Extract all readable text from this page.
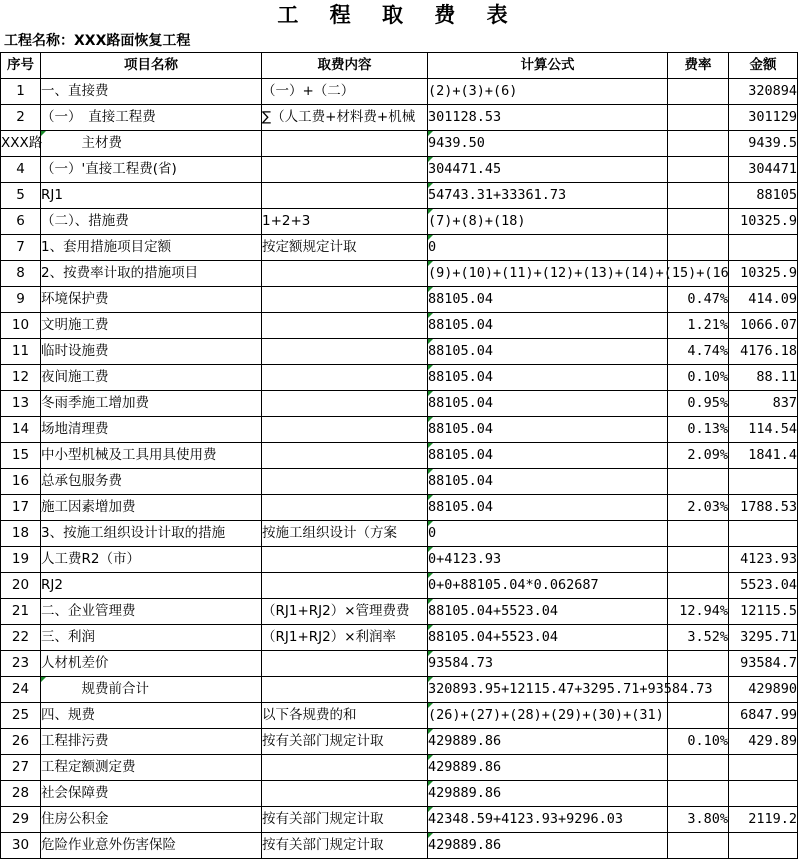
工 程 取 费 表
工程名称：XXX路面恢复工程
序号	项目名称	取费内容	计算公式	费率	金额
1	一、直接费	（一）+（二）	(2)+(3)+(6)		320894
2	（一）　直接工程费	∑（人工费+材料费+机械	301128.53		301129
XXX路	　　　主材费		9439.50		9439.5
4	（一）'直接工程费(省)		304471.45		304471
5	RJ1		54743.31+33361.73		88105
6	（二）、措施费	1+2+3	(7)+(8)+(18)		10325.9
7	1、套用措施项目定额	按定额规定计取	0		
8	2、按费率计取的措施项目		(9)+(10)+(11)+(12)+(13)+(14)+(15)+(16		10325.9
9	环境保护费		88105.04	0.47%	414.09
10	文明施工费		88105.04	1.21%	1066.07
11	临时设施费		88105.04	4.74%	4176.18
12	夜间施工费		88105.04	0.10%	88.11
13	冬雨季施工增加费		88105.04	0.95%	837
14	场地清理费		88105.04	0.13%	114.54
15	中小型机械及工具用具使用费		88105.04	2.09%	1841.4
16	总承包服务费		88105.04		
17	施工因素增加费		88105.04	2.03%	1788.53
18	3、按施工组织设计计取的措施	按施工组织设计（方案	0		
19	人工费R2（市）		0+4123.93		4123.93
20	RJ2		0+0+88105.04*0.062687		5523.04
21	二、企业管理费	（RJ1+RJ2）×管理费费	88105.04+5523.04	12.94%	12115.5
22	三、利润	（RJ1+RJ2）×利润率	88105.04+5523.04	3.52%	3295.71
23	人材机差价		93584.73		93584.7
24	　　　规费前合计		320893.95+12115.47+3295.71+93584.73		429890
25	四、规费	以下各规费的和	(26)+(27)+(28)+(29)+(30)+(31)		6847.99
26	工程排污费	按有关部门规定计取	429889.86	0.10%	429.89
27	工程定额测定费		429889.86		
28	社会保障费		429889.86		
29	住房公积金	按有关部门规定计取	42348.59+4123.93+9296.03	3.80%	2119.2
30	危险作业意外伤害保险	按有关部门规定计取	429889.86		
